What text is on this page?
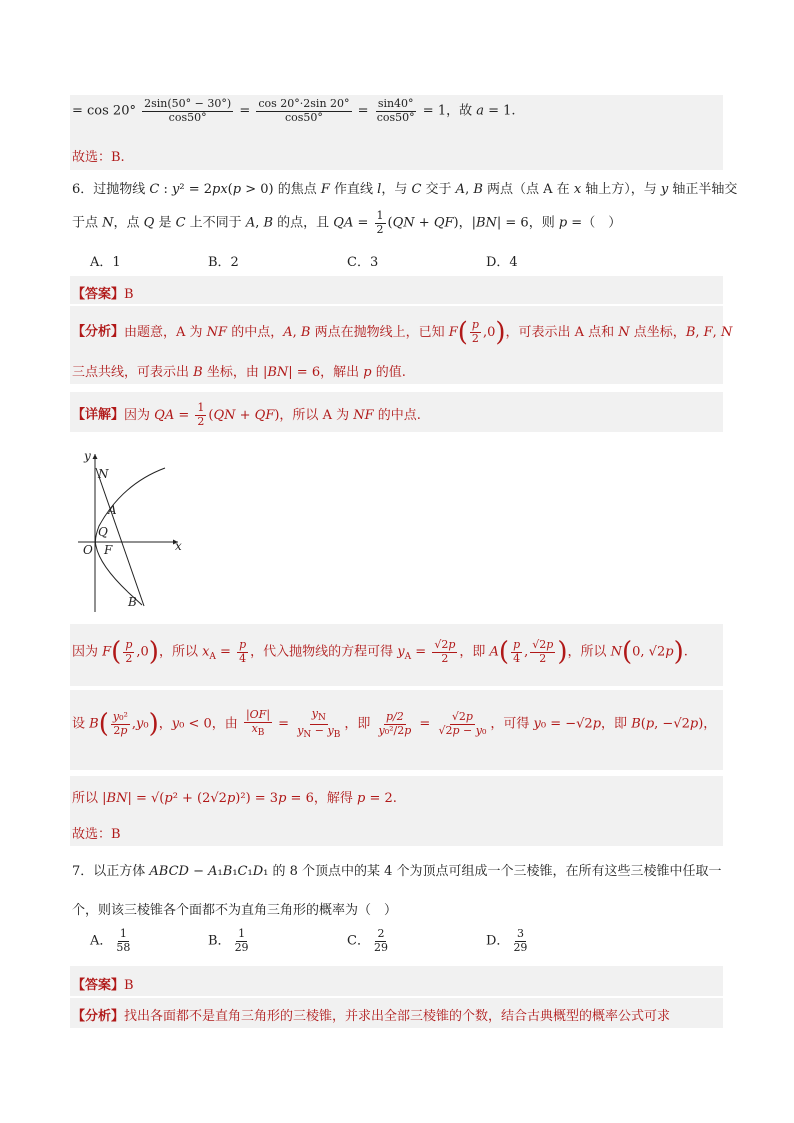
= $\cos 20^\circ \frac{2\sin(50^\circ - 30^\circ)}{\cos 50^\circ} = \frac{\cos 20^\circ\cdot 2\sin 20^\circ}{\cos 50^\circ} = \frac{\sin 40^\circ}{\cos 50^\circ} = 1$，故 a = 1.
故选：B.
6．过抛物线 C : y² = 2px(p > 0) 的焦点 F 作直线 l，与 C 交于 A, B 两点（点 A 在 x 轴上方），与 y 轴正半轴交
于点 N，点 Q 是 C 上不同于 A, B 的点，且 QA = $\frac{1}{2} (QN + QF)$，|BN| = 6，则 p =（　）
A．1	B．2	C．3	D．4
【答案】B
【分析】由题意，A 为 NF 的中点，A, B 两点在抛物线上，已知 $F( \frac{p}{2} ,0)$，可表示出 A 点和 N 点坐标，B, F, N
三点共线，可表示出 B 坐标，由 |BN| = 6，解出 p 的值.
【详解】因为 QA = $\frac{1}{2} (QN + QF)$，所以 A 为 NF 的中点.
y
x
N
A
Q
O F
B
因为 $F( \frac{p}{2} ,0)$，所以 $x_A = \frac{p}{4}$ ，代入抛物线的方程可得 $y_A = \frac{√2p}{2}$ ，即 $A( \frac{p}{4}$ , $\frac{√2p}{2}$ )，所以 N(0, √2p).
设 $B( \frac{\text{y₀²}}{2p} ,y_0)$，y₀ < 0，由 $\frac{|OF|}{x_B} = \frac{y_N}{y_N - y_B}$ ，即 $\frac{p/2}{\text{y₀²/2p}} = \frac{√2p}{\text{√2p − y₀}}$ ，可得 y₀ = −√2p，即 B(p, −√2p)，
所以 |BN| = √(p² + (2√2p)²) = 3p = 6，解得 p = 2.
故选：B
7．以正方体 ABCD − A₁B₁C₁D₁ 的 8 个顶点中的某 4 个为顶点可组成一个三棱锥，在所有这些三棱锥中任取一
个，则该三棱锥各个面都不为直角三角形的概率为（　）
A． $\frac{1}{58}$	B． $\frac{1}{29}$	C． $\frac{2}{29}$	D． $\frac{3}{29}$
【答案】B
【分析】找出各面都不是直角三角形的三棱锥，并求出全部三棱锥的个数，结合古典概型的概率公式可求
